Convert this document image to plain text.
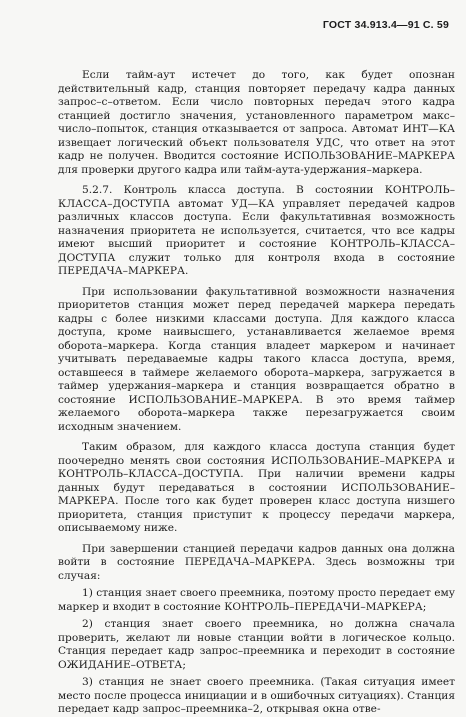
ГОСТ 34.913.4—91 С. 59

Если тайм-аут истечет до того, как будет опознан действительный кадр, станция повторяет передачу кадра данных запрос–с–ответом. Если число повторных передач этого кадра станцией достигло значения, установленного параметром макс–число–попыток, станция отказывается от запроса. Автомат ИНТ—КА извещает логический объект пользователя УДС, что ответ на этот кадр не получен. Вводится состояние ИСПОЛЬЗОВАНИЕ–МАРКЕРА для проверки другого кадра или тайм-аута-удержания–маркера.

5.2.7. Контроль класса доступа. В состоянии КОНТРОЛЬ–КЛАССА–ДОСТУПА автомат УД—КА управляет передачей кадров различных классов доступа. Если факультативная возможность назначения приоритета не используется, считается, что все кадры имеют высший приоритет и состояние КОНТРОЛЬ–КЛАССА–ДОСТУПА служит только для контроля входа в состояние ПЕРЕДАЧА–МАРКЕРА.

При использовании факультативной возможности назначения приоритетов станция может перед передачей маркера передать кадры с более низкими классами доступа. Для каждого класса доступа, кроме наивысшего, устанавливается желаемое время оборота–маркера. Когда станция владеет маркером и начинает учитывать передаваемые кадры такого класса доступа, время, оставшееся в таймере желаемого оборота–маркера, загружается в таймер удержания–маркера и станция возвращается обратно в состояние ИСПОЛЬЗОВАНИЕ–МАРКЕРА. В это время таймер желаемого оборота–маркера также перезагружается своим исходным значением.

Таким образом, для каждого класса доступа станция будет поочередно менять свои состояния ИСПОЛЬЗОВАНИЕ–МАРКЕРА и КОНТРОЛЬ–КЛАССА–ДОСТУПА. При наличии времени кадры данных будут передаваться в состоянии ИСПОЛЬЗОВАНИЕ–МАРКЕРА. После того как будет проверен класс доступа низшего приоритета, станция приступит к процессу передачи маркера, описываемому ниже.

При завершении станцией передачи кадров данных она должна войти в состояние ПЕРЕДАЧА–МАРКЕРА. Здесь возможны три случая:

1) станция знает своего преемника, поэтому просто передает ему маркер и входит в состояние КОНТРОЛЬ–ПЕРЕДАЧИ–МАРКЕРА;

2) станция знает своего преемника, но должна сначала проверить, желают ли новые станции войти в логическое кольцо. Станция передает кадр запрос–преемника и переходит в состояние ОЖИДАНИЕ–ОТВЕТА;

3) станция не знает своего преемника. (Такая ситуация имеет место после процесса инициации и в ошибочных ситуациях). Станция передает кадр запрос–преемника–2, открывая окна отве-
